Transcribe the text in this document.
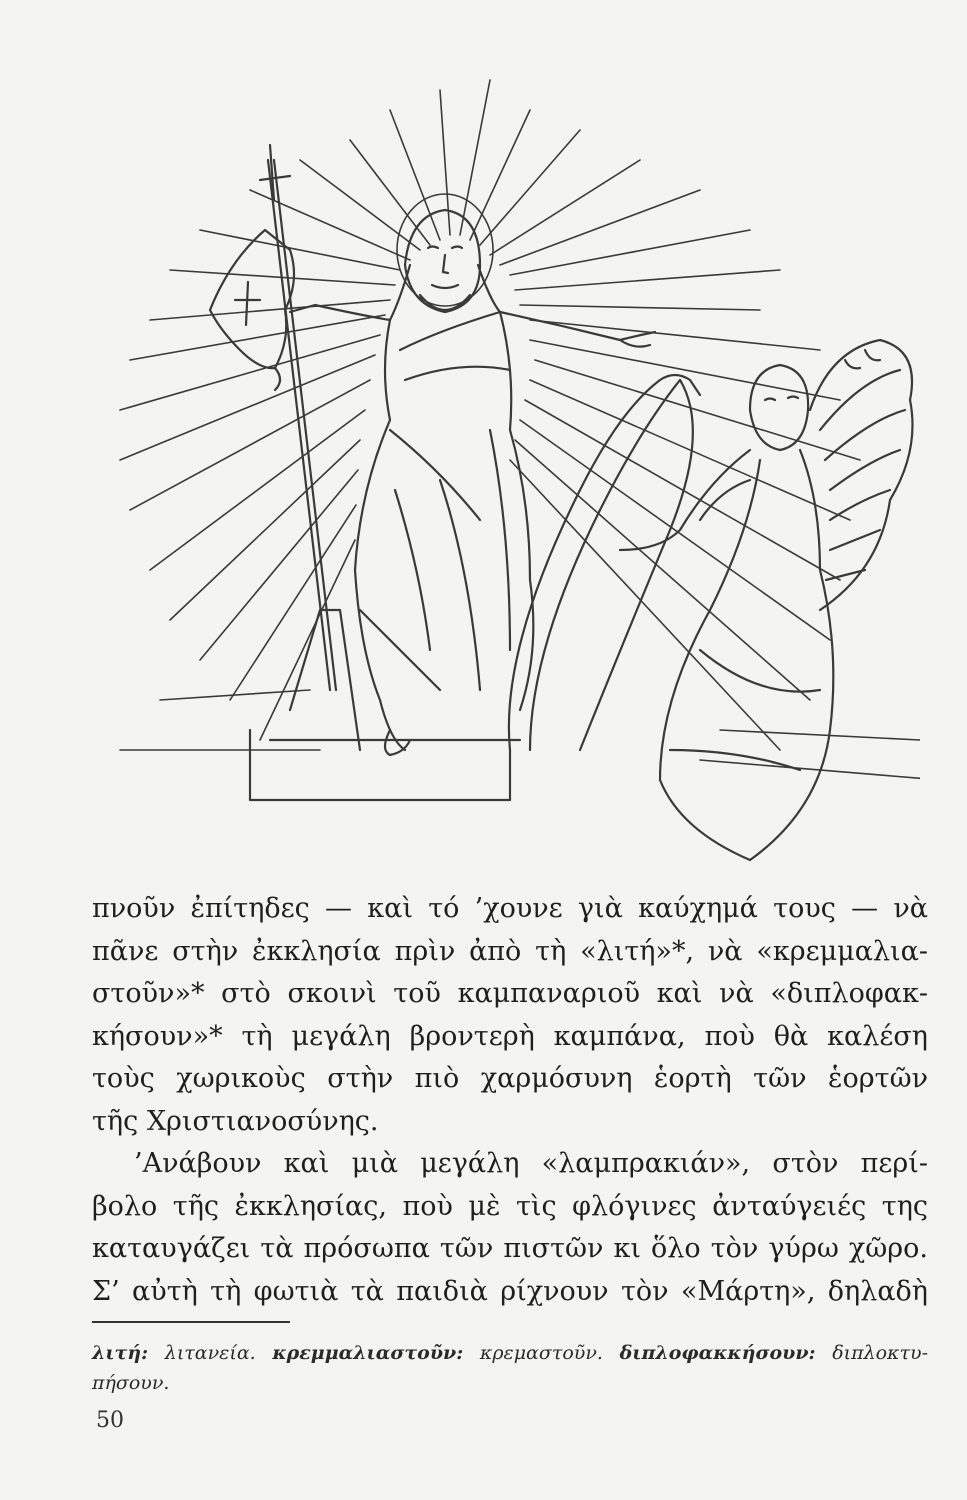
πνοῦν ἐπίτηδες — καὶ τό ’χουνε γιὰ καύχημά τους — νὰ
πᾶνε στὴν ἐκκλησία πρὶν ἀπὸ τὴ «λιτή»*, νὰ «κρεμμαλια-
στοῦν»* στὸ σκοινὶ τοῦ καμπαναριοῦ καὶ νὰ «διπλοφακ-
κήσουν»* τὴ μεγάλη βροντερὴ καμπάνα, ποὺ θὰ καλέση
τοὺς χωρικοὺς στὴν πιὸ χαρμόσυνη ἑορτὴ τῶν ἑορτῶν
τῆς Χριστιανοσύνης.
’Ανάβουν καὶ μιὰ μεγάλη «λαμπρακιάν», στὸν περί-
βολο τῆς ἐκκλησίας, ποὺ μὲ τὶς φλόγινες ἀνταύγειές της
καταυγάζει τὰ πρόσωπα τῶν πιστῶν κι ὅλο τὸν γύρω χῶρο.
Σ’ αὐτὴ τὴ φωτιὰ τὰ παιδιὰ ρίχνουν τὸν «Μάρτη», δηλαδὴ
λιτή: λιτανεία. κρεμμαλιαστοῦν: κρεμαστοῦν. διπλοφακκήσουν: διπλοκτυ-
πήσουν.
50
